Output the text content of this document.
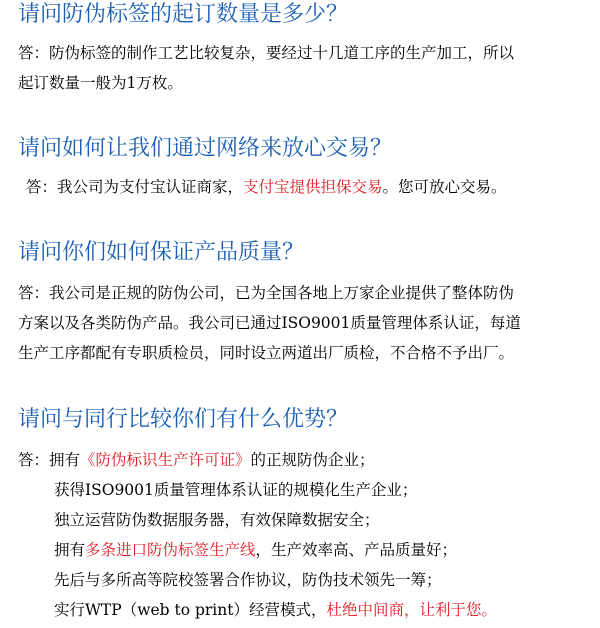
请问防伪标签的起订数量是多少？
答：防伪标签的制作工艺比较复杂，要经过十几道工序的生产加工，所以
起订数量一般为1万枚。
请问如何让我们通过网络来放心交易？
答：我公司为支付宝认证商家，支付宝提供担保交易。您可放心交易。
请问你们如何保证产品质量？
答：我公司是正规的防伪公司，已为全国各地上万家企业提供了整体防伪
方案以及各类防伪产品。我公司已通过ISO9001质量管理体系认证，每道
生产工序都配有专职质检员，同时设立两道出厂质检，不合格不予出厂。
请问与同行比较你们有什么优势？
答：拥有《防伪标识生产许可证》的正规防伪企业；
获得ISO9001质量管理体系认证的规模化生产企业；
独立运营防伪数据服务器，有效保障数据安全；
拥有多条进口防伪标签生产线，生产效率高、产品质量好；
先后与多所高等院校签署合作协议，防伪技术领先一筹；
实行WTP（web to print）经营模式，杜绝中间商，让利于您。
